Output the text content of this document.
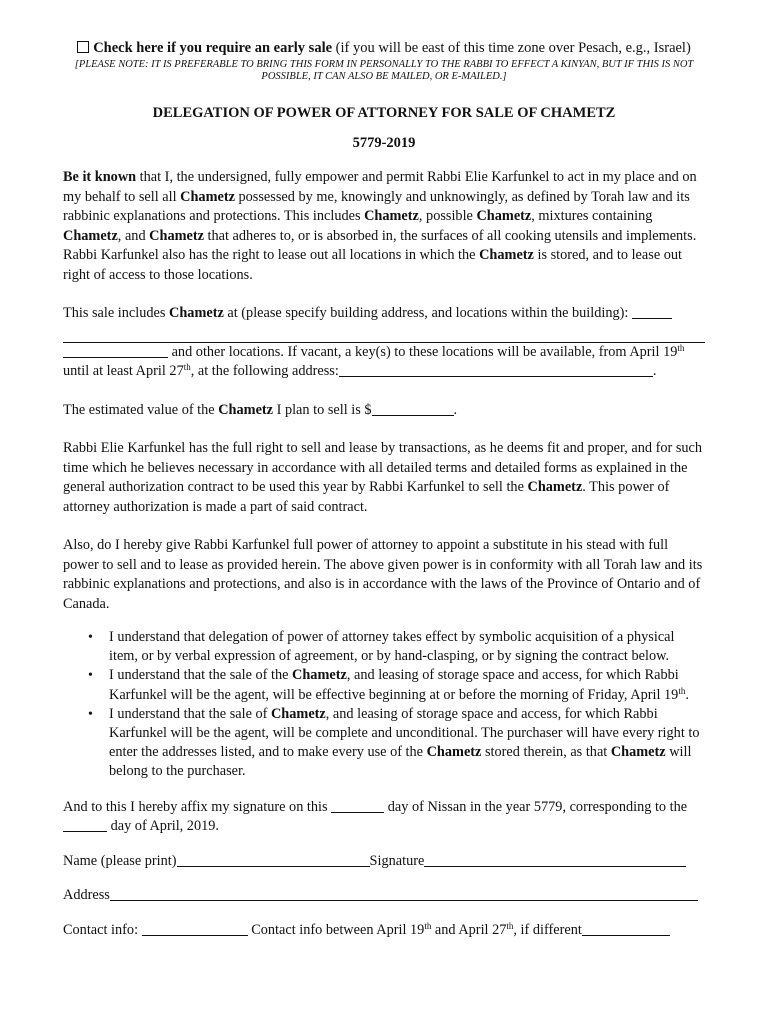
Check here if you require an early sale (if you will be east of this time zone over Pesach, e.g., Israel)
[PLEASE NOTE: IT IS PREFERABLE TO BRING THIS FORM IN PERSONALLY TO THE RABBI TO EFFECT A KINYAN, BUT IF THIS IS NOT POSSIBLE, IT CAN ALSO BE MAILED, OR E-MAILED.]
DELEGATION OF POWER OF ATTORNEY FOR SALE OF CHAMETZ
5779-2019

Be it known that I, the undersigned, fully empower and permit Rabbi Elie Karfunkel to act in my place and on my behalf to sell all Chametz possessed by me, knowingly and unknowingly, as defined by Torah law and its rabbinic explanations and protections. This includes Chametz, possible Chametz, mixtures containing Chametz, and Chametz that adheres to, or is absorbed in, the surfaces of all cooking utensils and implements. Rabbi Karfunkel also has the right to lease out all locations in which the Chametz is stored, and to lease out right of access to those locations.

This sale includes Chametz at (please specify building address, and locations within the building):
and other locations. If vacant, a key(s) to these locations will be available, from April 19th until at least April 27th, at the following address:	.

The estimated value of the Chametz I plan to sell is $	.

Rabbi Elie Karfunkel has the full right to sell and lease by transactions, as he deems fit and proper, and for such time which he believes necessary in accordance with all detailed terms and detailed forms as explained in the general authorization contract to be used this year by Rabbi Karfunkel to sell the Chametz. This power of attorney authorization is made a part of said contract.

Also, do I hereby give Rabbi Karfunkel full power of attorney to appoint a substitute in his stead with full power to sell and to lease as provided herein. The above given power is in conformity with all Torah law and its rabbinic explanations and protections, and also is in accordance with the laws of the Province of Ontario and of Canada.

• I understand that delegation of power of attorney takes effect by symbolic acquisition of a physical item, or by verbal expression of agreement, or by hand-clasping, or by signing the contract below.
• I understand that the sale of the Chametz, and leasing of storage space and access, for which Rabbi Karfunkel will be the agent, will be effective beginning at or before the morning of Friday, April 19th.
• I understand that the sale of Chametz, and leasing of storage space and access, for which Rabbi Karfunkel will be the agent, will be complete and unconditional. The purchaser will have every right to enter the addresses listed, and to make every use of the Chametz stored therein, as that Chametz will belong to the purchaser.

And to this I hereby affix my signature on this	day of Nissan in the year 5779, corresponding to the  day of April, 2019.

Name (please print)	Signature

Address

Contact info:	Contact info between April 19th and April 27th, if different
